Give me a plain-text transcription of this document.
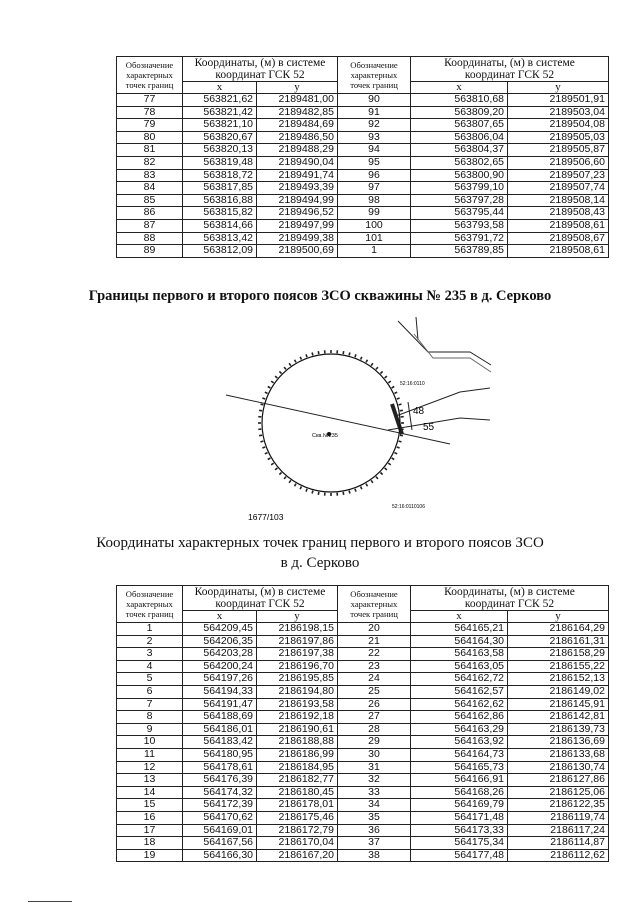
Обозначение
характерных
точек границ	Координаты, (м) в системе
координат ГСК 52		Обозначение
характерных
точек границ	Координаты, (м) в системе
координат ГСК 52	
	x	y		x	y
77	563821,62	2189481,00	90	563810,68	2189501,91
78	563821,42	2189482,85	91	563809,20	2189503,04
79	563821,10	2189484,69	92	563807,65	2189504,08
80	563820,67	2189486,50	93	563806,04	2189505,03
81	563820,13	2189488,29	94	563804,37	2189505,87
82	563819,48	2189490,04	95	563802,65	2189506,60
83	563818,72	2189491,74	96	563800,90	2189507,23
84	563817,85	2189493,39	97	563799,10	2189507,74
85	563816,88	2189494,99	98	563797,28	2189508,14
86	563815,82	2189496,52	99	563795,44	2189508,43
87	563814,66	2189497,99	100	563793,58	2189508,61
88	563813,42	2189499,38	101	563791,72	2189508,67
89	563812,09	2189500,69	1	563789,85	2189508,61
Границы первого и второго поясов ЗСО скважины № 235 в д. Серково
Скв.№235
48
55
52:16:0110
52:16:0110106
1677/103
Координаты характерных точек границ первого и второго поясов ЗСО
в д. Серково
Обозначение
характерных
точек границ	Координаты, (м) в системе
координат ГСК 52		Обозначение
характерных
точек границ	Координаты, (м) в системе
координат ГСК 52	
	x	y		x	y
1	564209,45	2186198,15	20	564165,21	2186164,29
2	564206,35	2186197,86	21	564164,30	2186161,31
3	564203,28	2186197,38	22	564163,58	2186158,29
4	564200,24	2186196,70	23	564163,05	2186155,22
5	564197,26	2186195,85	24	564162,72	2186152,13
6	564194,33	2186194,80	25	564162,57	2186149,02
7	564191,47	2186193,58	26	564162,62	2186145,91
8	564188,69	2186192,18	27	564162,86	2186142,81
9	564186,01	2186190,61	28	564163,29	2186139,73
10	564183,42	2186188,88	29	564163,92	2186136,69
11	564180,95	2186186,99	30	564164,73	2186133,68
12	564178,61	2186184,95	31	564165,73	2186130,74
13	564176,39	2186182,77	32	564166,91	2186127,86
14	564174,32	2186180,45	33	564168,26	2186125,06
15	564172,39	2186178,01	34	564169,79	2186122,35
16	564170,62	2186175,46	35	564171,48	2186119,74
17	564169,01	2186172,79	36	564173,33	2186117,24
18	564167,56	2186170,04	37	564175,34	2186114,87
19	564166,30	2186167,20	38	564177,48	2186112,62
